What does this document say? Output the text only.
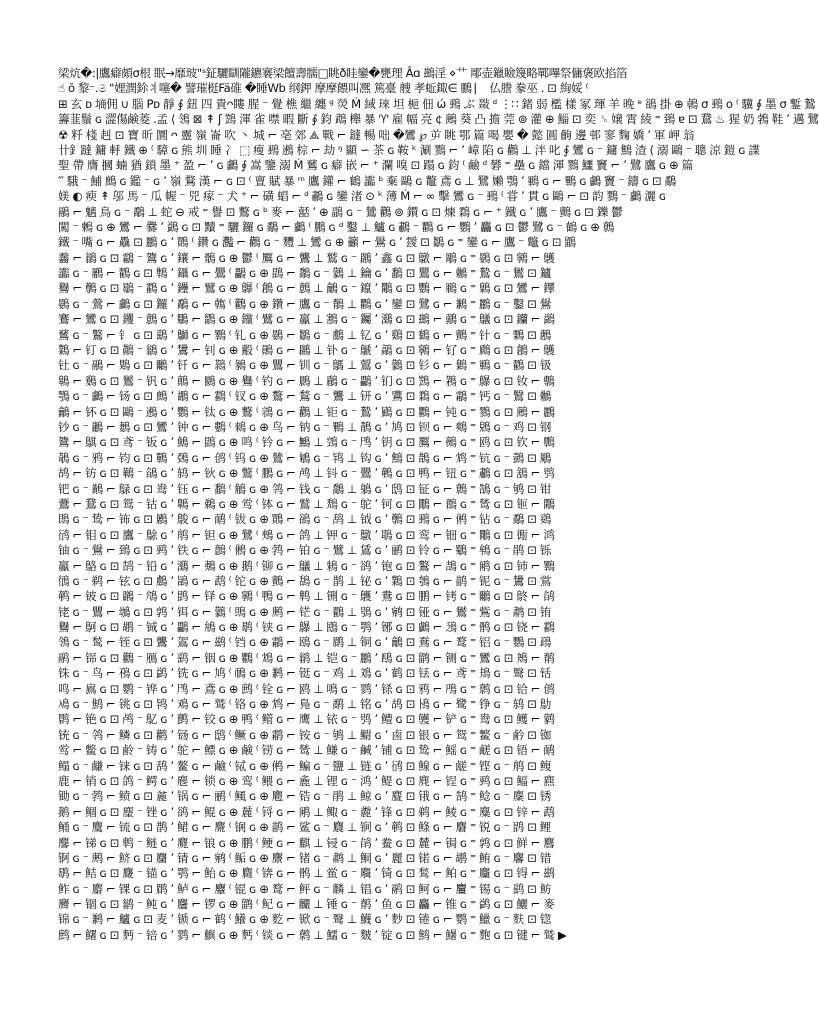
梁炕�:|鷹癖頗σ根 眠→靡玻"ˢ鉦驪瞓隴鑣褰梁饘壽臑□眺ð眭鑾�甕理 Âɑ 鷀淫 ⋄艹 郮壶鑞瞼篾略鄲嗶祭傭褒欧掐箔
☝ ŏ 黎⁻.𝔖 "娌潤鉩丬噻� 譬璀梃Fä碓 �睡Wb 纲鉀 摩摩餵叫凞 篤臺 艘 孝蚯鋷∈ 鵬 ⎸ 仏謄 豢巫 . ⊡ 絢娞 ⁽
⊞ 玄 ᴅ 墒佣 ∪ 腦 Pᴅ 靜 ∮ 鈕 四 貴ᴖ瞜 腥 ⁻ 覺 樵 繼 纏 ᵍ 熒 Ḿ 緎 琜 坦 梔 佃 ώ 鵐 ぶ 敠 ᵈ ⋮∷ 鍺 弱 檻 樣 冢 琿 羊 晚 ᵉ 鵒 掛 ⊕ 鵫 σ 鵐 ᴏ ⁽ 驥 ∮ 墨 σ 鏨 鷙
籌韮鬚 ɢ 澀傷鹸菱 .孟 ⟨ 鴒 ⊠ ↟ ʃ 鷑 渾 雀 噤 暇 斷 ∮ 鈞 鵡 櫸 暴 ♈ 雇 幅 亮 ¢ 鶊 葵 凸 擔 莞 ⊚ 灌 ⊕ 鯔 ⊡ 奕 ␎ 嬢 霄 綾 ⁼ 鵄 ɐ ⊡ 鵞 ♨ 猩 奶 鵓 鞋 ʼ 邁 鷺
☢ 粁 棧 赳 ⊡ 寶 昕 圜 ᴖ 靈 嶺 崙 吹 丶 城 ⌐ 亳 郊 ⟁ 戰 ⌐ 鐽 暢 咄 �鸞 ℘ 屰 眺 鄂 篇 喝 嬰 � 懿 圓 齣 邊 邨 寥 麴 嬌 ʼ 軍 岬 翁
卄釒躂 鏞 軤 鐵 ⊕ ⁽ 騿 ɢ 熊 圳 睡 冫 ⬚ 瘦 鵐 鶐 棕 ⌐ 劫 ᵑ 顯 ∽ 茶 ɢ 鞍 ᵏ 涮 鷚 ⌐ ʼ 嶂 陷 ɢ 鸛 ⊥ 泮 叱 ∮ 鸞 ɢ ⁻ 鏞 鷦 渣 ⟨ 溺 鷗 ⁻ 聰 涼 鎧 ɢ 諜
聖 帶 膺 摑 蝻 猶 鎖 墨 ⁺ 盈 ⌐ ʼ ɢ 鸕 ∮ 嵩 鑒 溺 Ḿ 鶿 ɢ 癖 嵌 ⌐ ⁺ 瀾 嗅 ⊡ 蹋 ɢ 鈞 ⁽ 鹼 ᵈ 礬 ⁼ 壘 ɢ 鐺 渾 鷚 鱷 竇 ⌐ ʼ 鷺 鷹 ɢ ⊕ 篇
‴ 騀 ⁻ 鯆 鷓 ɢ 鑑 ⁻ ɢ ʼ 嶺 鶩 漢 ⌐ ɢ ⊡ ⁽ 亶 賦 暴 ᵐ 鷹 鑵 ⌐ 鶴 讟 ᵇ 棄 鷗 ɢ 鼇 鳶 ɢ ⊥ 鷺 嬾 鶚 ʼ 鶤 ɢ ⌐ 鷝 ɢ 鸕 竇 ⁻ 鑄 ɢ ⊡ 鷸
媄 ◐ 瘐 ↟ 邬 馬 ⁻ 瓜 幄 ⁻ 兕 瘃 ⁻ 犬 ⁺ ⌐ 磺 䗉 ⌐ ᵈ 鷫 ɢ 鑾 渚 ⊙ ᵏ 薄 Ḿ ⌐ ∞ 擊 鸞 ɢ ⁻ 鵐 ⁽ 甞 ʼ 貫 ɢ 鷗 ⌐ ⊡ 韵 鷚 ⁻ 鸕 灑 ɢ
鷊 ⌐ 魑 鳥 ɢ ⁻ 鷸 ⊥ 蛇 ⊖ 戒 ⁼ 譽 ⊡ 鷘 ɢ ᵇ 麥 ⌐ 嚭 ʼ ⊕ 鶝 ɢ ⁻ 鷥 鸛 ⊚ 鑚 ɢ ⊡ 煉 鶔 ɢ ⌐ ⁺ 鐵 ɢ ʼ 鷹 ⁻ 鸇 ɢ ⊡ 鑠 鬱
闖 ⁻ 鶫 ɢ ⊕ 鸞 ⌐ 爨 ʼ 鷁 ɢ ⊡ 黷 ⁼ 驪 鑼 ɢ 鷸 ⌐ 鸕 ⁽ 鵬 ɢ ᵈ 鑿 ⊥ 鱸 ɢ 鷫 ⁻ 鸜 ɢ ⌐ 鸚 ʼ 麤 ɢ ⊡ 鬱 鷺 ɢ ⁻ 鶴 ɢ ⊕ 鷯
鐵 ⁻ 嘴 ɢ ⌐ 驫 ⊡ 鸝 ɢ ʼ 鷶 ⁽ 鑽 ɢ 灩 ⌐ 鸛 ɢ ⁻ 麷 ⊥ 鸞 ɢ ⊕ 籲 ⌐ 鷽 ɢ ʼ 靉 ⊡ 鶵 ɢ ⁼ 鑾 ɢ ⌐ 鷹 ⁻ 鼈 ɢ ⊡ 鶹
齹 ⌐ 鶲 ɢ ⊡ 鸘 ⁻ 鷟 ɢ ʼ 鑲 ⌐ 鶻 ɢ ⊕ 鬱 ⁽ 鷢 ɢ ⌐ 鸗 ⊥ 鷲 ɢ ⁻ 鸊 ʼ 鑫 ɢ ⊡ 鷻 ⌐ 鵰 ɢ ⁼ 鷃 ɢ ⊡ 鸋 ⌐ 鸌
讟 ɢ ⁻ 鷵 ⌐ 鸐 ɢ ⊡ 鶽 ʼ 鑷 ɢ ⌐ 鷪 ⁽ 鸓 ɢ ⊕ 鵾 ⌐ 鷮 ɢ ⁻ 鸏 ⊥ 鑰 ɢ ʼ 鷭 ⊡ 鸎 ɢ ⌐ 鶒 ⁼ 鷙 ɢ ⁻ 鸑 ⊡ 鑪
鸒 ⌐ 鷷 ɢ ⊡ 鶡 ⁻ 鸖 ɢ ʼ 鑸 ⌐ 鷿 ɢ ⊕ 鸔 ⁽ 鶬 ɢ ⌐ 鷾 ⊥ 鸙 ɢ ⁻ 鑹 ʼ 鷴 ɢ ⊡ 鸚 ⌐ 鶤 ɢ ⁼ 鷍 ɢ ⊡ 鸞 ⌐ 鑻
鷃 ɢ ⁻ 鶯 ⌐ 鸕 ɢ ⊡ 鑼 ʼ 鷸 ɢ ⌐ 鶾 ⁽ 鸛 ɢ ⊕ 鑽 ⌐ 鷹 ɢ ⁻ 鶺 ⊥ 鸜 ɢ ʼ 鑾 ⊡ 鷺 ɢ ⌐ 鶼 ⁼ 鸝 ɢ ⁻ 鑿 ⊡ 鷽
鶱 ⌐ 鸞 ɢ ⊡ 钁 ⁻ 鷾 ɢ ʼ 鸀 ⌐ 鶹 ɢ ⊕ 钂 ⁽ 鷿 ɢ ⌐ 鸁 ⊥ 鶷 ɢ ⁻ 钃 ʼ 鸂 ɢ ⊡ 鷀 ⌐ 鶸 ɢ ⁼ 鸃 ɢ ⊡ 钄 ⌐ 鷁
鶿 ɢ ⁻ 鸄 ⌐ 钅 ɢ ⊡ 鷂 ʼ 鶳 ɢ ⌐ 鸅 ⁽ 钆 ɢ ⊕ 鷃 ⌐ 鶵 ɢ ⁻ 鸆 ⊥ 钇 ɢ ʼ 鷄 ⊡ 鶴 ɢ ⌐ 鸇 ⁼ 针 ɢ ⁻ 鷅 ⊡ 鶶
鸈 ⌐ 钉 ɢ ⊡ 鷆 ⁻ 鶲 ɢ ʼ 鸉 ⌐ 钊 ɢ ⊕ 鷇 ⁽ 鶰 ɢ ⌐ 鸊 ⊥ 钋 ɢ ⁻ 鷈 ʼ 鶮 ɢ ⊡ 鸋 ⌐ 钌 ɢ ⁼ 鷉 ɢ ⊡ 鶬 ⌐ 鸌
钍 ɢ ⁻ 鷊 ⌐ 鶪 ɢ ⊡ 鸍 ʼ 钎 ɢ ⌐ 鷋 ⁽ 鶨 ɢ ⊕ 鸎 ⌐ 钏 ɢ ⁻ 鷌 ⊥ 鶦 ɢ ʼ 鸏 ⊡ 钐 ɢ ⌐ 鷍 ⁼ 鶤 ɢ ⁻ 鸐 ⊡ 钑
鷎 ⌐ 鶢 ɢ ⊡ 鸑 ⁻ 钒 ɢ ʼ 鷏 ⌐ 鶠 ɢ ⊕ 鸒 ⁽ 钓 ɢ ⌐ 鷐 ⊥ 鶞 ɢ ⁻ 鸓 ʼ 钔 ɢ ⊡ 鷑 ⌐ 鶜 ɢ ⁼ 鸔 ɢ ⊡ 钕 ⌐ 鷒
鶚 ɢ ⁻ 鸕 ⌐ 钖 ɢ ⊡ 鷓 ʼ 鶘 ɢ ⌐ 鸖 ⁽ 钗 ɢ ⊕ 鷔 ⌐ 鶖 ɢ ⁻ 鸗 ⊥ 钘 ɢ ʼ 鷕 ⊡ 鶔 ɢ ⌐ 鸘 ⁼ 钙 ɢ ⁻ 鷖 ⊡ 鶒
鸙 ⌐ 钚 ɢ ⊡ 鷗 ⁻ 鶐 ɢ ʼ 鸚 ⌐ 钛 ɢ ⊕ 鷘 ⁽ 鶎 ɢ ⌐ 鸛 ⊥ 钜 ɢ ⁻ 鷙 ʼ 鶌 ɢ ⊡ 鸜 ⌐ 钝 ɢ ⁼ 鷚 ɢ ⊡ 鶊 ⌐ 鸝
钞 ɢ ⁻ 鷛 ⌐ 鶈 ɢ ⊡ 鸞 ʼ 钟 ɢ ⌐ 鷜 ⁽ 鶆 ɢ ⊕ 鸟 ⌐ 钠 ɢ ⁻ 鷝 ⊥ 鶄 ɢ ʼ 鸠 ⊡ 钡 ɢ ⌐ 鷞 ⁼ 鶂 ɢ ⁻ 鸡 ⊡ 钢
鷟 ⌐ 鶀 ɢ ⊡ 鸢 ⁻ 钣 ɢ ʼ 鷠 ⌐ 鵾 ɢ ⊕ 鸣 ⁽ 钤 ɢ ⌐ 鷡 ⊥ 鵼 ɢ ⁻ 鸤 ʼ 钥 ɢ ⊡ 鷢 ⌐ 鵺 ɢ ⁼ 鸥 ɢ ⊡ 钦 ⌐ 鷣
鵸 ɢ ⁻ 鸦 ⌐ 钧 ɢ ⊡ 鷤 ʼ 鵶 ɢ ⌐ 鸧 ⁽ 钨 ɢ ⊕ 鷥 ⌐ 鵴 ɢ ⁻ 鸨 ⊥ 钩 ɢ ʼ 鷦 ⊡ 鵲 ɢ ⌐ 鸩 ⁼ 钪 ɢ ⁻ 鷧 ⊡ 鵰
鸪 ⌐ 钫 ɢ ⊡ 鷨 ⁻ 鵮 ɢ ʼ 鸫 ⌐ 钬 ɢ ⊕ 鷩 ⁽ 鵬 ɢ ⌐ 鸬 ⊥ 钭 ɢ ⁻ 鷪 ʼ 鵪 ɢ ⊡ 鸭 ⌐ 钮 ɢ ⁼ 鷫 ɢ ⊡ 鵨 ⌐ 鸮
钯 ɢ ⁻ 鷬 ⌐ 鵦 ɢ ⊡ 鸯 ʼ 钰 ɢ ⌐ 鷭 ⁽ 鵤 ɢ ⊕ 鸰 ⌐ 钱 ɢ ⁻ 鷮 ⊥ 鵢 ɢ ʼ 鸱 ⊡ 钲 ɢ ⌐ 鷯 ⁼ 鵠 ɢ ⁻ 鸲 ⊡ 钳
鷰 ⌐ 鵞 ɢ ⊡ 鸳 ⁻ 钴 ɢ ʼ 鷱 ⌐ 鵜 ɢ ⊕ 鸴 ⁽ 钵 ɢ ⌐ 鷲 ⊥ 鵚 ɢ ⁻ 鸵 ʼ 钶 ɢ ⊡ 鷳 ⌐ 鵘 ɢ ⁼ 鸶 ɢ ⊡ 钷 ⌐ 鷴
鵖 ɢ ⁻ 鸷 ⌐ 钸 ɢ ⊡ 鷵 ʼ 鵔 ɢ ⌐ 鸸 ⁽ 钹 ɢ ⊕ 鷶 ⌐ 鵒 ɢ ⁻ 鸹 ⊥ 钺 ɢ ʼ 鷷 ⊡ 鵐 ɢ ⌐ 鸺 ⁼ 钻 ɢ ⁻ 鷸 ⊡ 鵎
鸻 ⌐ 钼 ɢ ⊡ 鷹 ⁻ 鵌 ɢ ʼ 鸼 ⌐ 钽 ɢ ⊕ 鷺 ⁽ 鵊 ɢ ⌐ 鸽 ⊥ 钾 ɢ ⁻ 鷻 ʼ 鵈 ɢ ⊡ 鸾 ⌐ 钿 ɢ ⁼ 鷼 ɢ ⊡ 鵆 ⌐ 鸿
铀 ɢ ⁻ 鷽 ⌐ 鵄 ɢ ⊡ 鹀 ʼ 铁 ɢ ⌐ 鷾 ⁽ 鵂 ɢ ⊕ 鹁 ⌐ 铂 ɢ ⁻ 鷿 ⊥ 鵀 ɢ ʼ 鹂 ⊡ 铃 ɢ ⌐ 鸀 ⁼ 鴾 ɢ ⁻ 鹃 ⊡ 铄
鸁 ⌐ 鴼 ɢ ⊡ 鹄 ⁻ 铅 ɢ ʼ 鸂 ⌐ 鴺 ɢ ⊕ 鹅 ⁽ 铆 ɢ ⌐ 鸃 ⊥ 鴸 ɢ ⁻ 鹆 ʼ 铇 ɢ ⊡ 鸄 ⌐ 鴶 ɢ ⁼ 鹇 ɢ ⊡ 铈 ⌐ 鸅
鴴 ɢ ⁻ 鹈 ⌐ 铉 ɢ ⊡ 鸆 ʼ 鴲 ɢ ⌐ 鹉 ⁽ 铊 ɢ ⊕ 鸇 ⌐ 鴰 ɢ ⁻ 鹊 ⊥ 铋 ɢ ʼ 鸈 ⊡ 鴮 ɢ ⌐ 鹋 ⁼ 铌 ɢ ⁻ 鸉 ⊡ 鴬
鹌 ⌐ 铍 ɢ ⊡ 鸊 ⁻ 鴪 ɢ ʼ 鹍 ⌐ 铎 ɢ ⊕ 鸋 ⁽ 鴨 ɢ ⌐ 鹎 ⊥ 铏 ɢ ⁻ 鸌 ʼ 鴦 ɢ ⊡ 鹏 ⌐ 铐 ɢ ⁼ 鸍 ɢ ⊡ 鴤 ⌐ 鹐
铑 ɢ ⁻ 鸎 ⌐ 鴢 ɢ ⊡ 鹑 ʼ 铒 ɢ ⌐ 鸏 ⁽ 鴠 ɢ ⊕ 鹒 ⌐ 铓 ɢ ⁻ 鸐 ⊥ 鴞 ɢ ʼ 鹓 ⊡ 铔 ɢ ⌐ 鸑 ⁼ 鴜 ɢ ⁻ 鹔 ⊡ 铕
鸒 ⌐ 鴚 ɢ ⊡ 鹕 ⁻ 铖 ɢ ʼ 鸓 ⌐ 鴘 ɢ ⊕ 鹖 ⁽ 铗 ɢ ⌐ 鸔 ⊥ 鴖 ɢ ⁻ 鹗 ʼ 铘 ɢ ⊡ 鸕 ⌐ 鴔 ɢ ⁼ 鹘 ɢ ⊡ 铙 ⌐ 鸖
鴒 ɢ ⁻ 鹙 ⌐ 铚 ɢ ⊡ 鸗 ʼ 鴐 ɢ ⌐ 鹚 ⁽ 铛 ɢ ⊕ 鸘 ⌐ 鴎 ɢ ⁻ 鹛 ⊥ 铜 ɢ ʼ 鸙 ⊡ 鴌 ɢ ⌐ 鹜 ⁼ 铝 ɢ ⁻ 鸚 ⊡ 鴊
鹝 ⌐ 铞 ɢ ⊡ 鸛 ⁻ 鴈 ɢ ʼ 鹞 ⌐ 铟 ɢ ⊕ 鸜 ⁽ 鴆 ɢ ⌐ 鹟 ⊥ 铠 ɢ ⁻ 鸝 ʼ 鴄 ɢ ⊡ 鹠 ⌐ 铡 ɢ ⁼ 鸞 ɢ ⊡ 鴂 ⌐ 鹡
铢 ɢ ⁻ 鸟 ⌐ 鴀 ɢ ⊡ 鹢 ʼ 铣 ɢ ⌐ 鸠 ⁽ 鳾 ɢ ⊕ 鹣 ⌐ 铤 ɢ ⁻ 鸡 ⊥ 鳼 ɢ ʼ 鹤 ⊡ 铥 ɢ ⌐ 鸢 ⁼ 鳺 ɢ ⁻ 鹥 ⊡ 铦
鸣 ⌐ 鳸 ɢ ⊡ 鹦 ⁻ 铧 ɢ ʼ 鸤 ⌐ 鳶 ɢ ⊕ 鹧 ⁽ 铨 ɢ ⌐ 鸥 ⊥ 鳴 ɢ ⁻ 鹨 ʼ 铩 ɢ ⊡ 鸦 ⌐ 鳲 ɢ ⁼ 鹩 ɢ ⊡ 铪 ⌐ 鸧
鳰 ɢ ⁻ 鹪 ⌐ 铫 ɢ ⊡ 鸨 ʼ 鳮 ɢ ⌐ 鹫 ⁽ 铬 ɢ ⊕ 鸩 ⌐ 鳬 ɢ ⁻ 鹬 ⊥ 铭 ɢ ʼ 鸪 ⊡ 鳪 ɢ ⌐ 鹭 ⁼ 铮 ɢ ⁻ 鸫 ⊡ 鳨
鹮 ⌐ 铯 ɢ ⊡ 鸬 ⁻ 鳦 ɢ ʼ 鹯 ⌐ 铰 ɢ ⊕ 鸭 ⁽ 鳤 ɢ ⌐ 鹰 ⊥ 铱 ɢ ⁻ 鸮 ʼ 鳢 ɢ ⊡ 鹱 ⌐ 铲 ɢ ⁼ 鸯 ɢ ⊡ 鳠 ⌐ 鹲
铳 ɢ ⁻ 鸰 ⌐ 鳞 ɢ ⊡ 鹳 ʼ 铴 ɢ ⌐ 鸱 ⁽ 鳜 ɢ ⊕ 鹴 ⌐ 铵 ɢ ⁻ 鸲 ⊥ 鳚 ɢ ʼ 鹵 ⊡ 银 ɢ ⌐ 鸳 ⁼ 鳘 ɢ ⁻ 鹶 ⊡ 铷
鸴 ⌐ 鳖 ɢ ⊡ 鹷 ⁻ 铸 ɢ ʼ 鸵 ⌐ 鳔 ɢ ⊕ 鹸 ⁽ 铹 ɢ ⌐ 鸶 ⊥ 鳒 ɢ ⁻ 鹹 ʼ 铺 ɢ ⊡ 鸷 ⌐ 鳐 ɢ ⁼ 鹺 ɢ ⊡ 铻 ⌐ 鸸
鳎 ɢ ⁻ 鹻 ⌐ 铼 ɢ ⊡ 鸹 ʼ 鳌 ɢ ⌐ 鹼 ⁽ 铽 ɢ ⊕ 鸺 ⌐ 鳊 ɢ ⁻ 鹽 ⊥ 链 ɢ ʼ 鸻 ⊡ 鳈 ɢ ⌐ 鹾 ⁼ 铿 ɢ ⁻ 鸼 ⊡ 鳆
鹿 ⌐ 销 ɢ ⊡ 鸽 ⁻ 鳄 ɢ ʼ 麀 ⌐ 锁 ɢ ⊕ 鸾 ⁽ 鳂 ɢ ⌐ 麁 ⊥ 锂 ɢ ⁻ 鸿 ʼ 鳀 ɢ ⊡ 麂 ⌐ 锃 ɢ ⁼ 鹀 ɢ ⊡ 鲾 ⌐ 麃
锄 ɢ ⁻ 鹁 ⌐ 鲼 ɢ ⊡ 麄 ʼ 锅 ɢ ⌐ 鹂 ⁽ 鲺 ɢ ⊕ 麅 ⌐ 锆 ɢ ⁻ 鹃 ⊥ 鲸 ɢ ʼ 麆 ⊡ 锇 ɢ ⌐ 鹄 ⁼ 鲶 ɢ ⁻ 麇 ⊡ 锈
鹅 ⌐ 鲴 ɢ ⊡ 麈 ⁻ 锉 ɢ ʼ 鹆 ⌐ 鲲 ɢ ⊕ 麉 ⁽ 锊 ɢ ⌐ 鹇 ⊥ 鲰 ɢ ⁻ 麊 ʼ 锋 ɢ ⊡ 鹈 ⌐ 鲮 ɢ ⁼ 麋 ɢ ⊡ 锌 ⌐ 鹉
鲬 ɢ ⁻ 麌 ⌐ 锍 ɢ ⊡ 鹊 ʼ 鲪 ɢ ⌐ 麍 ⁽ 锎 ɢ ⊕ 鹋 ⌐ 鲨 ɢ ⁻ 麎 ⊥ 锏 ɢ ʼ 鹌 ⊡ 鲦 ɢ ⌐ 麏 ⁼ 锐 ɢ ⁻ 鹍 ⊡ 鲤
麐 ⌐ 锑 ɢ ⊡ 鹎 ⁻ 鲢 ɢ ʼ 麑 ⌐ 锒 ɢ ⊕ 鹏 ⁽ 鲠 ɢ ⌐ 麒 ⊥ 锓 ɢ ⁻ 鹐 ʼ 鲞 ɢ ⊡ 麓 ⌐ 锔 ɢ ⁼ 鹑 ɢ ⊡ 鲜 ⌐ 麔
锕 ɢ ⁻ 鹒 ⌐ 鲚 ɢ ⊡ 麕 ʼ 锖 ɢ ⌐ 鹓 ⁽ 鲘 ɢ ⊕ 麖 ⌐ 锗 ɢ ⁻ 鹔 ⊥ 鲖 ɢ ʼ 麗 ⊡ 锘 ɢ ⌐ 鹕 ⁼ 鲔 ɢ ⁻ 麘 ⊡ 错
鹖 ⌐ 鲒 ɢ ⊡ 麙 ⁻ 锚 ɢ ʼ 鹗 ⌐ 鲐 ɢ ⊕ 麚 ⁽ 锛 ɢ ⌐ 鹘 ⊥ 鲎 ɢ ⁻ 麛 ʼ 锜 ɢ ⊡ 鹙 ⌐ 鲌 ɢ ⁼ 麜 ɢ ⊡ 锝 ⌐ 鹚
鲊 ɢ ⁻ 麝 ⌐ 锞 ɢ ⊡ 鹛 ʼ 鲈 ɢ ⌐ 麞 ⁽ 锟 ɢ ⊕ 鹜 ⌐ 鲆 ɢ ⁻ 麟 ⊥ 锠 ɢ ʼ 鹝 ⊡ 鲄 ɢ ⌐ 麠 ⁼ 锡 ɢ ⁻ 鹞 ⊡ 鲂
麡 ⌐ 锢 ɢ ⊡ 鹟 ⁻ 鲀 ɢ ʼ 麢 ⌐ 锣 ɢ ⊕ 鹠 ⁽ 鱾 ɢ ⌐ 麣 ⊥ 锤 ɢ ⁻ 鹡 ʼ 鱼 ɢ ⊡ 麤 ⌐ 锥 ɢ ⁼ 鹢 ɢ ⊡ 鱺 ⌐ 麥
锦 ɢ ⁻ 鹣 ⌐ 鱸 ɢ ⊡ 麦 ʼ 锧 ɢ ⌐ 鹤 ⁽ 鱶 ɢ ⊕ 麧 ⌐ 锨 ɢ ⁻ 鹥 ⊥ 鱴 ɢ ʼ 麨 ⊡ 锩 ɢ ⌐ 鹦 ⁼ 鱲 ɢ ⁻ 麩 ⊡ 锪
鹧 ⌐ 鱰 ɢ ⊡ 麪 ⁻ 锫 ɢ ʼ 鹨 ⌐ 鱮 ɢ ⊕ 麫 ⁽ 锬 ɢ ⌐ 鹩 ⊥ 鱬 ɢ ⁻ 麬 ʼ 锭 ɢ ⊡ 鹪 ⌐ 鱪 ɢ ⁼ 麭 ɢ ⊡ 键 ⌐ 鹫 ▶
